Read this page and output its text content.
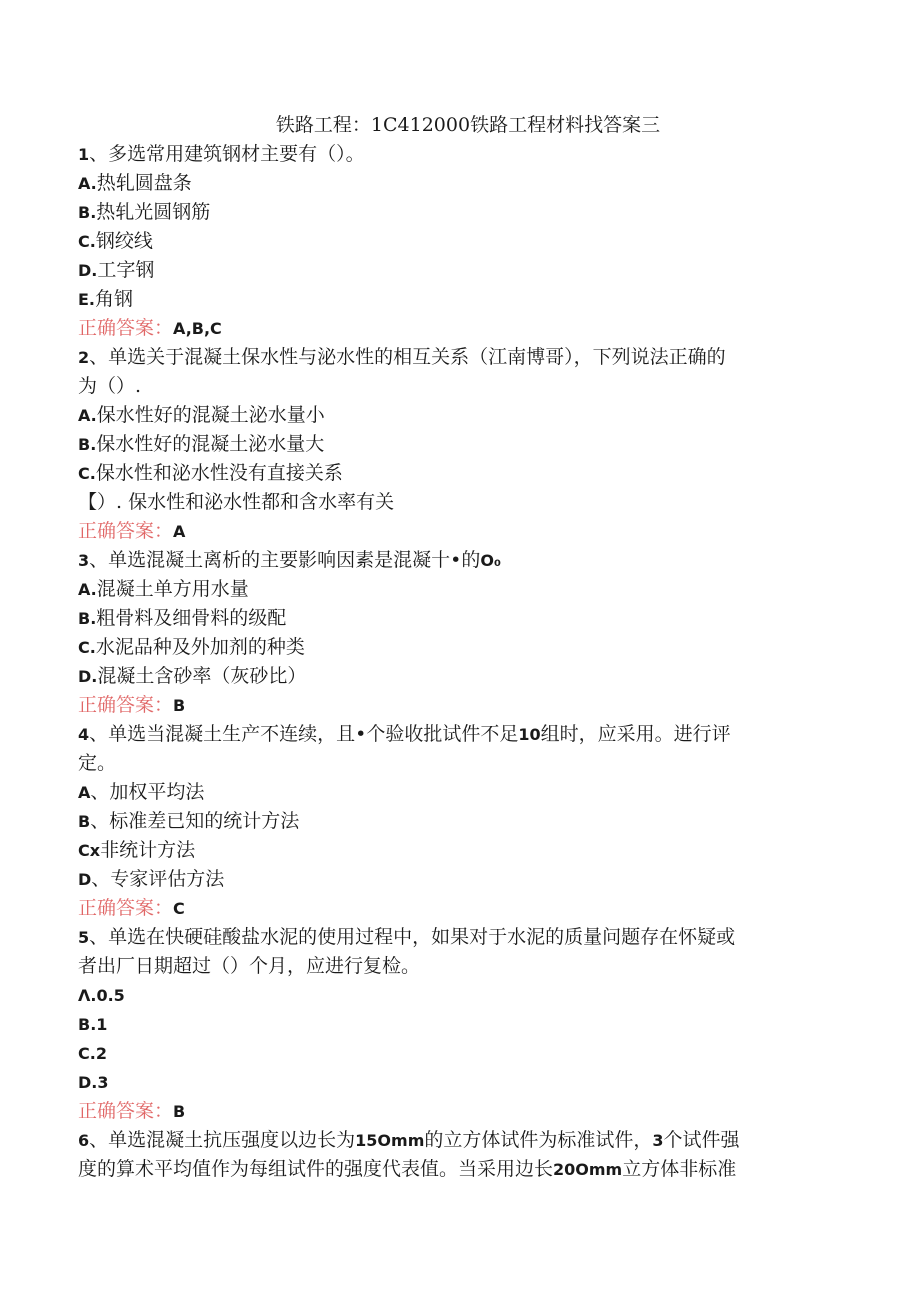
铁路工程：1C412000铁路工程材料找答案三

1、多选常用建筑钢材主要有（）。

A.热轧圆盘条

B.热轧光圆钢筋

C.钢绞线

D.工字钢

E.角钢

正确答案：A,B,C

2、单选关于混凝土保水性与泌水性的相互关系（江南博哥），下列说法正确的

为（）.

A.保水性好的混凝土泌水量小

B.保水性好的混凝土泌水量大

C.保水性和泌水性没有直接关系

【）. 保水性和泌水性都和含水率有关

正确答案：A

3、单选混凝土离析的主要影响因素是混凝十•的O₀

A.混凝土单方用水量

B.粗骨料及细骨料的级配

C.水泥品种及外加剂的种类

D.混凝土含砂率（灰砂比）

正确答案：B

4、单选当混凝土生产不连续，且•个验收批试件不足10组时，应采用。进行评

定。

A、加权平均法

B、标准差已知的统计方法

Cx非统计方法

D、专家评估方法

正确答案：C

5、单选在快硬硅酸盐水泥的使用过程中，如果对于水泥的质量问题存在怀疑或

者出厂日期超过（）个月，应进行复检。

Λ.0.5

B.1

C.2

D.3

正确答案：B

6、单选混凝土抗压强度以边长为15Omm的立方体试件为标准试件，3个试件强

度的算术平均值作为每组试件的强度代表值。当采用边长20Omm立方体非标准
